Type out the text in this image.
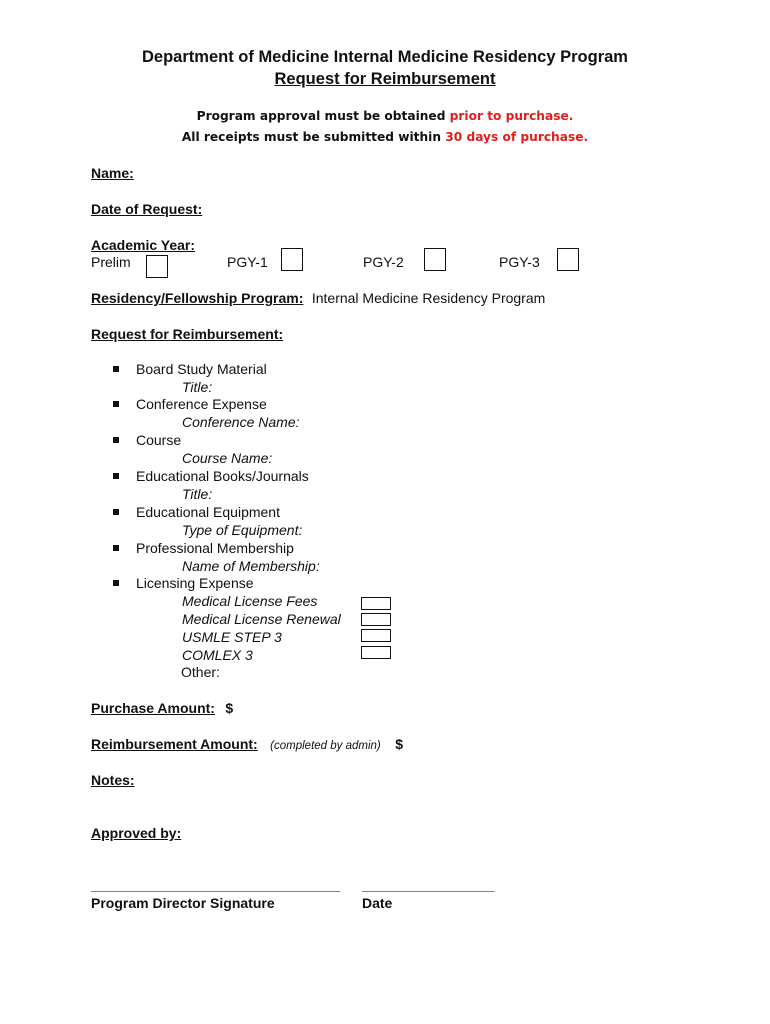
Department of Medicine Internal Medicine Residency Program
Request for Reimbursement
Program approval must be obtained prior to purchase.
All receipts must be submitted within 30 days of purchase.
Name:
Date of Request:
Academic Year:
Prelim	PGY-1	PGY-2	PGY-3
Residency/Fellowship Program: Internal Medicine Residency Program
Request for Reimbursement:
Board Study Material
Title:
Conference Expense
Conference Name:
Course
Course Name:
Educational Books/Journals
Title:
Educational Equipment
Type of Equipment:
Professional Membership
Name of Membership:
Licensing Expense
Medical License Fees
Medical License Renewal
USMLE STEP 3
COMLEX 3
Other:
Purchase Amount: $
Reimbursement Amount: (completed by admin) $
Notes:
Approved by:
________________________________ _________________
Program Director Signature	Date
